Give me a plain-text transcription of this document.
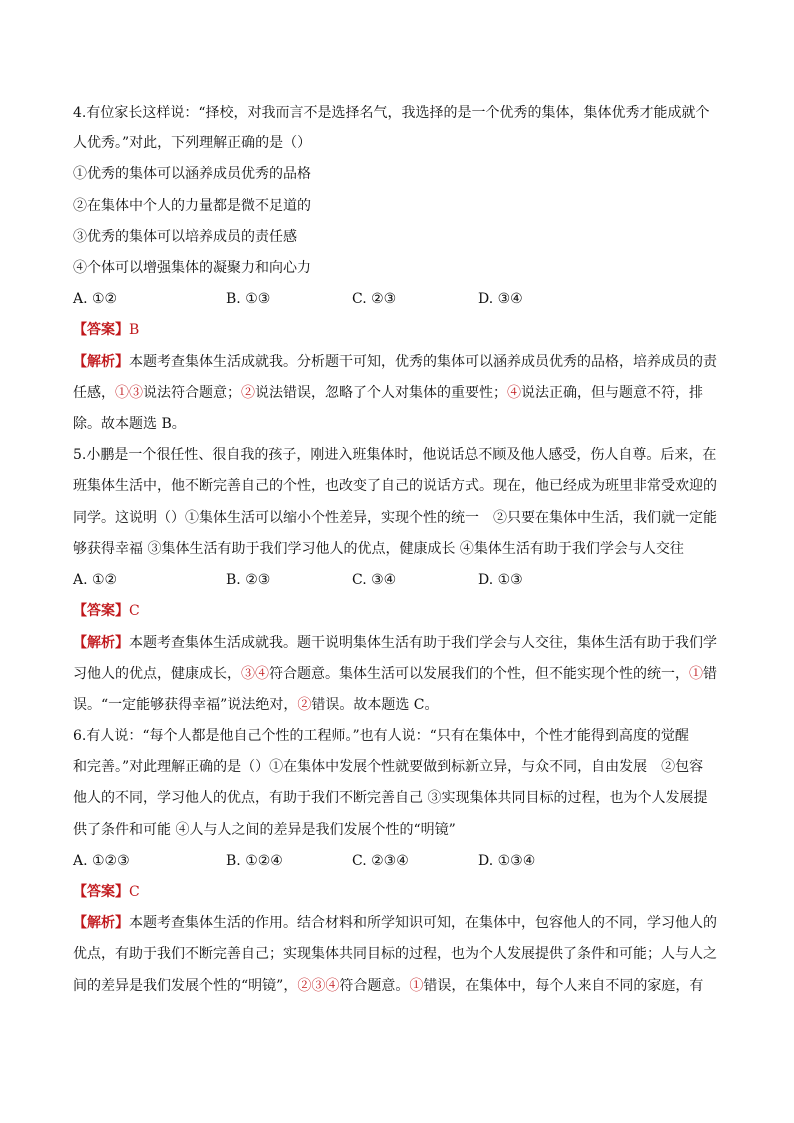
4.有位家长这样说：“择校，对我而言不是选择名气，我选择的是一个优秀的集体，集体优秀才能成就个
人优秀。”对此，下列理解正确的是（）
①优秀的集体可以涵养成员优秀的品格
②在集体中个人的力量都是微不足道的
③优秀的集体可以培养成员的责任感
④个体可以增强集体的凝聚力和向心力
A. ①②	B. ①③	C. ②③	D. ③④
【答案】B
【解析】本题考查集体生活成就我。分析题干可知，优秀的集体可以涵养成员优秀的品格，培养成员的责
任感，①③说法符合题意；②说法错误，忽略了个人对集体的重要性；④说法正确，但与题意不符，排
除。故本题选 B。
5.小鹏是一个很任性、很自我的孩子，刚进入班集体时，他说话总不顾及他人感受，伤人自尊。后来，在
班集体生活中，他不断完善自己的个性，也改变了自己的说话方式。现在，他已经成为班里非常受欢迎的
同学。这说明（）①集体生活可以缩小个性差异，实现个性的统一　②只要在集体中生活，我们就一定能
够获得幸福 ③集体生活有助于我们学习他人的优点，健康成长 ④集体生活有助于我们学会与人交往
A. ①②	B. ②③	C. ③④	D. ①③
【答案】C
【解析】本题考查集体生活成就我。题干说明集体生活有助于我们学会与人交往，集体生活有助于我们学
习他人的优点，健康成长，③④符合题意。集体生活可以发展我们的个性，但不能实现个性的统一，①错
误。“一定能够获得幸福”说法绝对，②错误。故本题选 C。
6.有人说：“每个人都是他自己个性的工程师。”也有人说：“只有在集体中，个性才能得到高度的觉醒
和完善。”对此理解正确的是（）①在集体中发展个性就要做到标新立异，与众不同，自由发展　②包容
他人的不同，学习他人的优点，有助于我们不断完善自己 ③实现集体共同目标的过程，也为个人发展提
供了条件和可能 ④人与人之间的差异是我们发展个性的“明镜”
A. ①②③	B. ①②④	C. ②③④	D. ①③④
【答案】C
【解析】本题考查集体生活的作用。结合材料和所学知识可知，在集体中，包容他人的不同，学习他人的
优点，有助于我们不断完善自己；实现集体共同目标的过程，也为个人发展提供了条件和可能；人与人之
间的差异是我们发展个性的“明镜”，②③④符合题意。①错误，在集体中，每个人来自不同的家庭，有
